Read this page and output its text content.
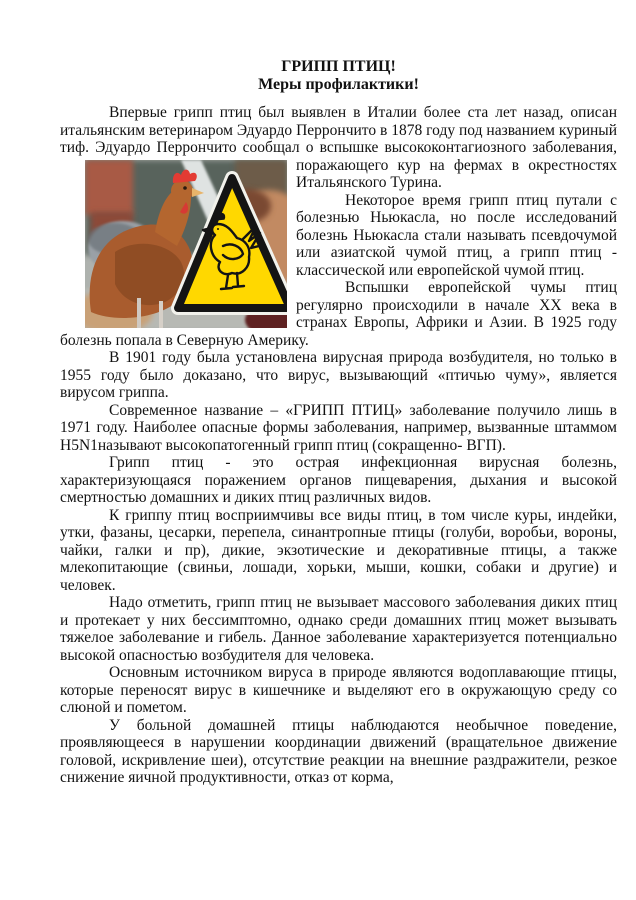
ГРИПП ПТИЦ!
Меры профилактики!

Впервые грипп птиц был выявлен в Италии более ста лет назад, описан итальянским ветеринаром Эдуардо Перрончито в 1878 году под названием куриный тиф. Эдуардо Перрончито сообщал о вспышке высококонтагиозного заболевания, поражающего кур на фермах в окрестностях Итальянского Турина.

Некоторое время грипп птиц путали с болезнью Ньюкасла, но после исследований болезнь Ньюкасла стали называть псевдочумой или азиатской чумой птиц, а грипп птиц - классической или европейской чумой птиц.

Вспышки европейской чумы птиц регулярно происходили в начале XX века в странах Европы, Африки и Азии. В 1925 году болезнь попала в Северную Америку.

В 1901 году была установлена вирусная природа возбудителя, но только в 1955 году было доказано, что вирус, вызывающий «птичью чуму», является вирусом гриппа.

Современное название – «ГРИПП ПТИЦ» заболевание получило лишь в 1971 году. Наиболее опасные формы заболевания, например, вызванные штаммом H5N1называют высокопатогенный грипп птиц (сокращенно- ВГП).

Грипп птиц - это острая инфекционная вирусная болезнь, характеризующаяся поражением органов пищеварения, дыхания и высокой смертностью домашних и диких птиц различных видов.

К гриппу птиц восприимчивы все виды птиц, в том числе куры, индейки, утки, фазаны, цесарки, перепела, синантропные птицы (голуби, воробьи, вороны, чайки, галки и пр), дикие, экзотические и декоративные птицы, а также млекопитающие (свиньи, лошади, хорьки, мыши, кошки, собаки и другие) и человек.

Надо отметить, грипп птиц не вызывает массового заболевания диких птиц и протекает у них бессимптомно, однако среди домашних птиц может вызывать тяжелое заболевание и гибель. Данное заболевание характеризуется потенциально высокой опасностью возбудителя для человека.

Основным источником вируса в природе являются водоплавающие птицы, которые переносят вирус в кишечнике и выделяют его в окружающую среду со слюной и пометом.

У больной домашней птицы наблюдаются необычное поведение, проявляющееся в нарушении координации движений (вращательное движение головой, искривление шеи), отсутствие реакции на внешние раздражители, резкое снижение яичной продуктивности, отказ от корма,
